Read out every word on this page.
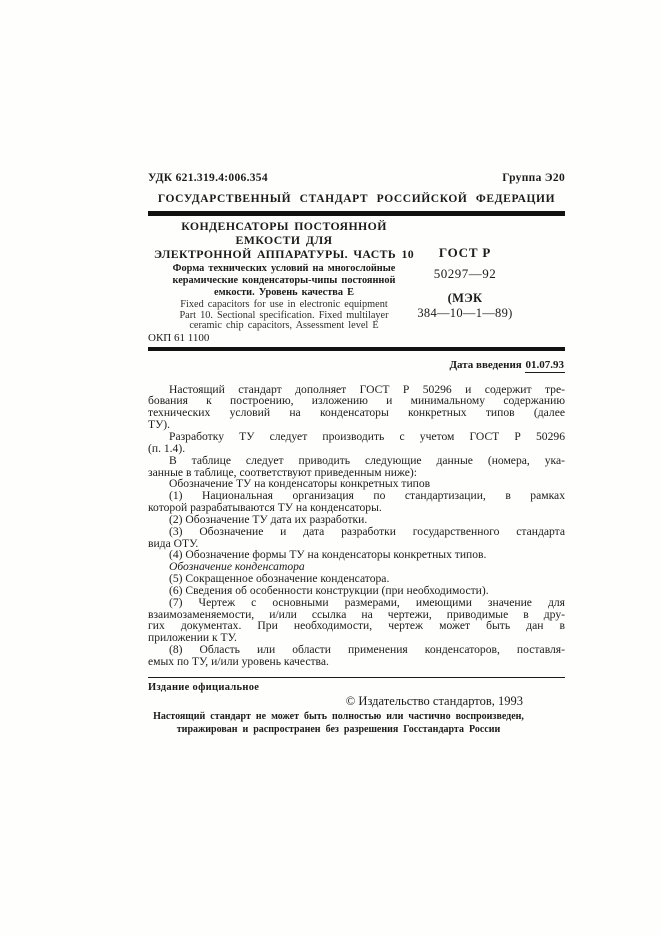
УДК 621.319.4:006.354	Группа Э20
ГОСУДАРСТВЕННЫЙ СТАНДАРТ РОССИЙСКОЙ ФЕДЕРАЦИИ
КОНДЕНСАТОРЫ ПОСТОЯННОЙ ЕМКОСТИ ДЛЯ
ЭЛЕКТРОННОЙ АППАРАТУРЫ. ЧАСТЬ 10
Форма технических условий на многослойные
керамические конденсаторы-чипы постоянной
емкости. Уровень качества Е
Fixed capacitors for use in electronic equipment
Part 10. Sectional specification. Fixed multilayer
ceramic chip capacitors, Assessment level E
ОКП 61 1100
ГОСТ Р
50297—92
(МЭК
384—10—1—89)
Дата введения 01.07.93
Настоящий стандарт дополняет ГОСТ Р 50296 и содержит тре-
бования к построению, изложению и минимальному содержанию
технических условий на конденсаторы конкретных типов (далее
ТУ).
Разработку ТУ следует производить с учетом ГОСТ Р 50296
(п. 1.4).
В таблице следует приводить следующие данные (номера, ука-
занные в таблице, соответствуют приведенным ниже):
Обозначение ТУ на конденсаторы конкретных типов
(1) Национальная организация по стандартизации, в рамках
которой разрабатываются ТУ на конденсаторы.
(2) Обозначение ТУ дата их разработки.
(3) Обозначение и дата разработки государственного стандарта
вида ОТУ.
(4) Обозначение формы ТУ на конденсаторы конкретных типов.
Обозначение конденсатора
(5) Сокращенное обозначение конденсатора.
(6) Сведения об особенности конструкции (при необходимости).
(7) Чертеж с основными размерами, имеющими значение для
взаимозаменяемости, и/или ссылка на чертежи, приводимые в дру-
гих документах. При необходимости, чертеж может быть дан в
приложении к ТУ.
(8) Область или области применения конденсаторов, поставля-
емых по ТУ, и/или уровень качества.
Издание официальное
© Издательство стандартов, 1993
Настоящий стандарт не может быть полностью или частично воспроизведен,
тиражирован и распространен без разрешения Госстандарта России
